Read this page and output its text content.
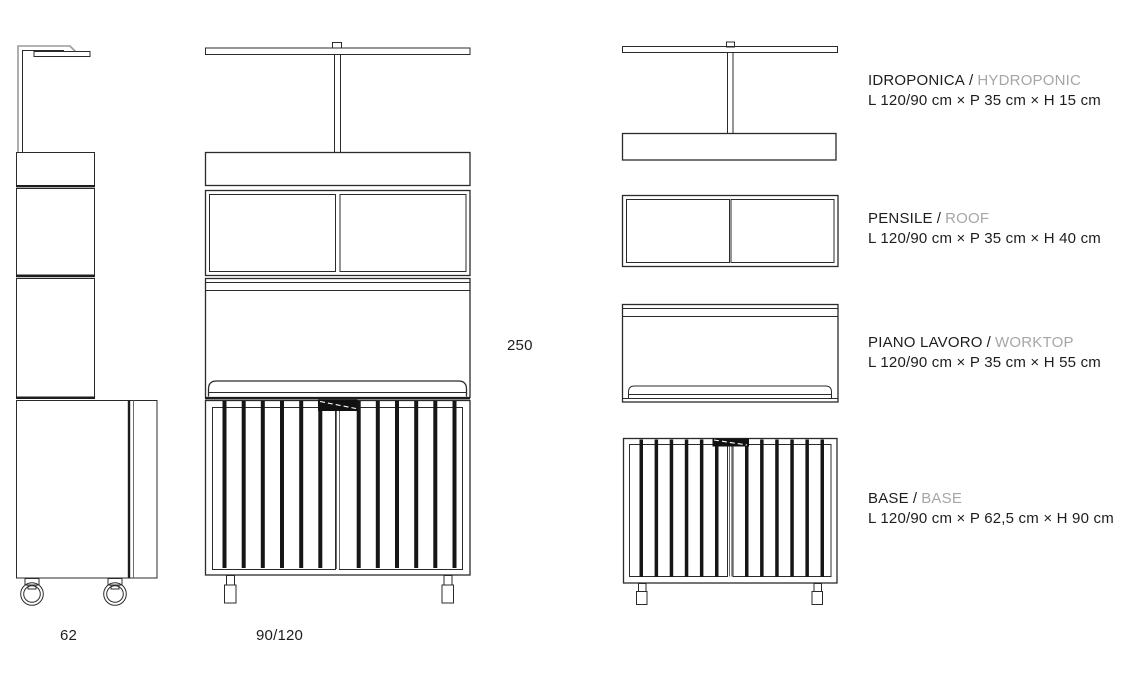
250
62	90/120
IDROPONICA / HYDROPONIC
L 120/90 cm × P 35 cm × H 15 cm
PENSILE / ROOF
L 120/90 cm × P 35 cm × H 40 cm
PIANO LAVORO / WORKTOP
L 120/90 cm × P 35 cm × H 55 cm
BASE / BASE
L 120/90 cm × P 62,5 cm × H 90 cm
